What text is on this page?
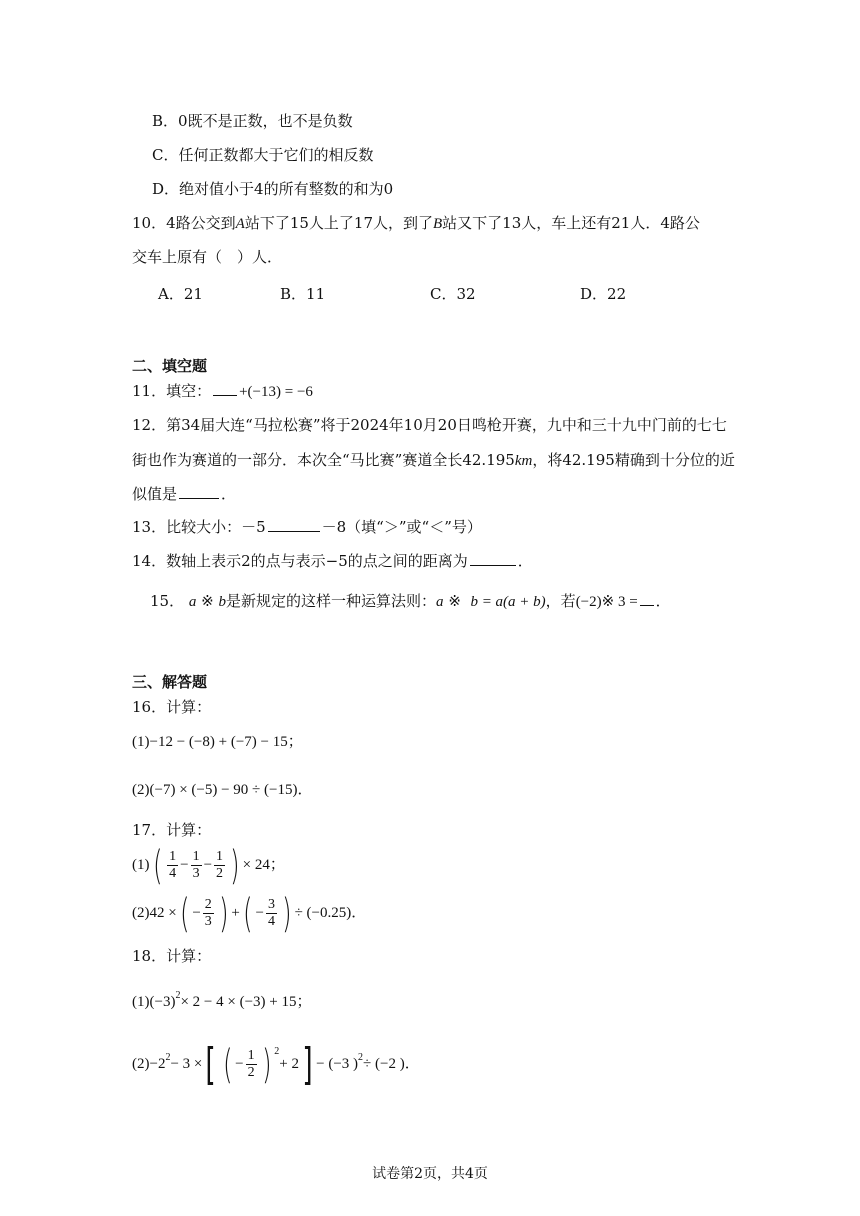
B．0既不是正数，也不是负数
C．任何正数都大于它们的相反数
D．绝对值小于4的所有整数的和为0
10．4路公交到A站下了15人上了17人，到了B站又下了13人，车上还有21人．4路公
交车上原有（　）人．
A．21	B．11	C．32	D．22
二、填空题
11．填空： +(−13) = −6
12．第34届大连“马拉松赛”将于2024年10月20日鸣枪开赛，九中和三十九中门前的七七
街也作为赛道的一部分．本次全“马比赛”赛道全长42.195km，将42.195精确到十分位的近
似值是	．
13．比较大小：－5	－8（填“＞”或“＜”号）
14．数轴上表示2的点与表示−5的点之间的距离为	．
15． a ※ b是新规定的这样一种运算法则：a ※ b = a(a + b)，若(−2)※ 3 = ．
三、解答题
16．计算：
(1)−12 − (−8) + (−7) − 15；
(2)(−7) × (−5) − 90 ÷ (−15)．
17．计算：
$(1)( \frac{1}{4} - \frac{1}{3} - \frac{1}{2}$ ) × 24；
(2)42 ×( − $\frac{2}{3}$ ) +( − $\frac{3}{4}$ ) ÷ (−0.25)．
18．计算：
$(1)(-3)^2\times 2 - 4 \times (-3) + 15$；
$(2)-2^2- 3$ ×[ ( − $\frac{1}{2}$ ) $^2$+ 2] − (−3 )$^2$÷ (−2 )．
试卷第2页，共4页
